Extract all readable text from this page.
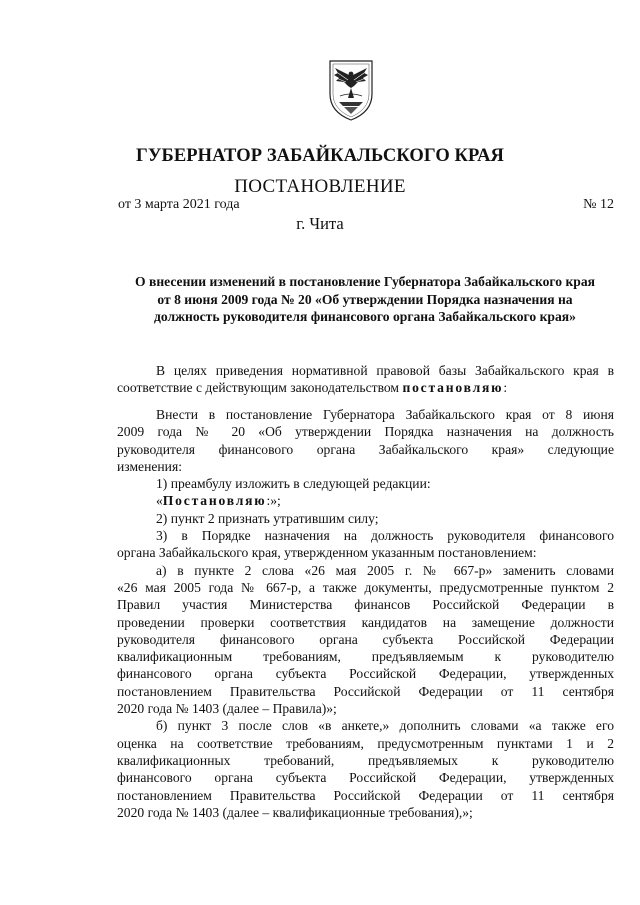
ГУБЕРНАТОР ЗАБАЙКАЛЬСКОГО КРАЯ
ПОСТАНОВЛЕНИЕ
от 3 марта 2021 года	№ 12
г. Чита
О внесении изменений в постановление Губернатора Забайкальского края
от 8 июня 2009 года № 20 «Об утверждении Порядка назначения на
должность руководителя финансового органа Забайкальского края»
В целях приведения нормативной правовой базы Забайкальского края в
соответствие с действующим законодательством постановляю:
Внести в постановление Губернатора Забайкальского края от 8 июня
2009 года № 20 «Об утверждении Порядка назначения на должность
руководителя финансового органа Забайкальского края» следующие
изменения:
1) преамбулу изложить в следующей редакции:
«Постановляю:»;
2) пункт 2 признать утратившим силу;
3) в Порядке назначения на должность руководителя финансового
органа Забайкальского края, утвержденном указанным постановлением:
а) в пункте 2 слова «26 мая 2005 г. № 667-р» заменить словами
«26 мая 2005 года № 667-р, а также документы, предусмотренные пунктом 2
Правил участия Министерства финансов Российской Федерации в
проведении проверки соответствия кандидатов на замещение должности
руководителя финансового органа субъекта Российской Федерации
квалификационным требованиям, предъявляемым к руководителю
финансового органа субъекта Российской Федерации, утвержденных
постановлением Правительства Российской Федерации от 11 сентября
2020 года № 1403 (далее – Правила)»;
б) пункт 3 после слов «в анкете,» дополнить словами «а также его
оценка на соответствие требованиям, предусмотренным пунктами 1 и 2
квалификационных требований, предъявляемых к руководителю
финансового органа субъекта Российской Федерации, утвержденных
постановлением Правительства Российской Федерации от 11 сентября
2020 года № 1403 (далее – квалификационные требования),»;
